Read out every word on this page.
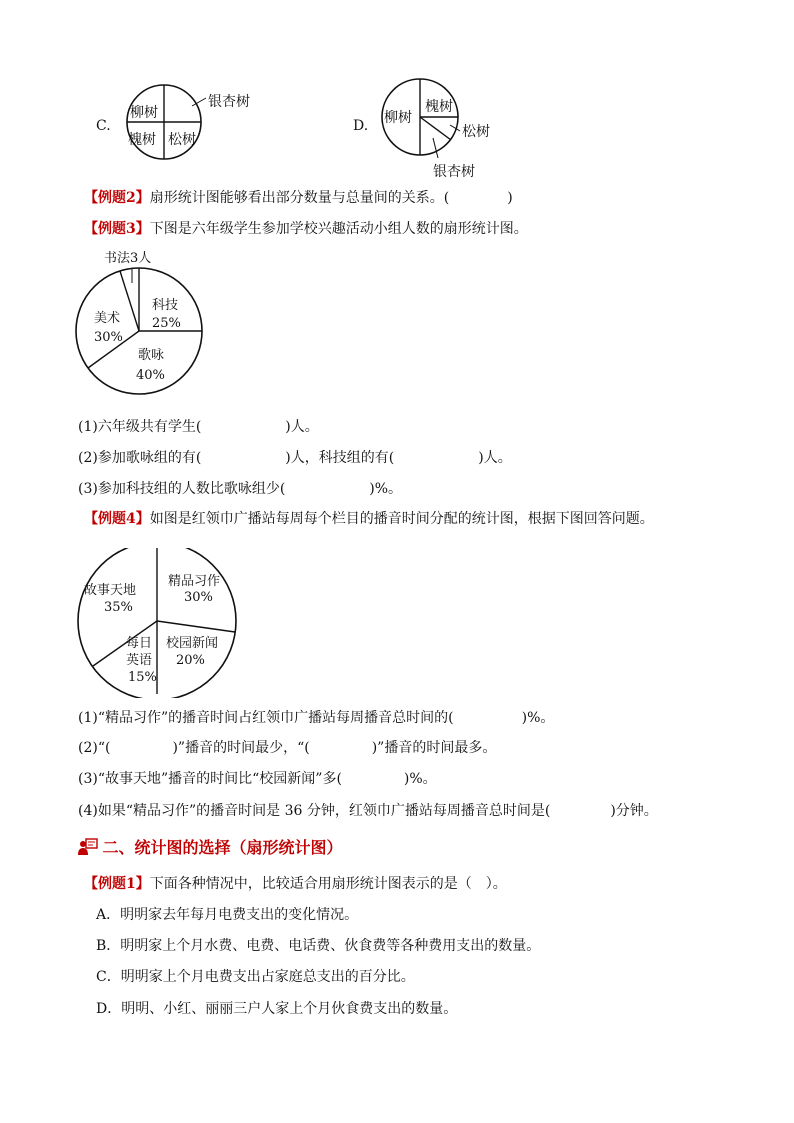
C.
柳树
槐树 松树
银杏树
D. 柳树
槐树
松树
银杏树
【例题2】扇形统计图能够看出部分数量与总量间的关系。(	)
【例题3】下图是六年级学生参加学校兴趣活动小组人数的扇形统计图。
书法3人
科技
25%
美术
30%
歌咏
40%
(1)六年级共有学生(	)人。
(2)参加歌咏组的有(	)人，科技组的有(	)人。
(3)参加科技组的人数比歌咏组少(	)%。
【例题4】如图是红领巾广播站每周每个栏目的播音时间分配的统计图，根据下图回答问题。
故事天地
35%
精品习作
30%
每日
英语
15%
校园新闻
20%
(1)“精品习作”的播音时间占红领巾广播站每周播音总时间的(	)%。
(2)“(	)”播音的时间最少，“(	)”播音的时间最多。
(3)“故事天地”播音的时间比“校园新闻”多(	)%。
(4)如果“精品习作”的播音时间是 36 分钟，红领巾广播站每周播音总时间是(	)分钟。
二、统计图的选择（扇形统计图）
【例题1】下面各种情况中，比较适合用扇形统计图表示的是（　）。
A．明明家去年每月电费支出的变化情况。
B．明明家上个月水费、电费、电话费、伙食费等各种费用支出的数量。
C．明明家上个月电费支出占家庭总支出的百分比。
D．明明、小红、丽丽三户人家上个月伙食费支出的数量。
